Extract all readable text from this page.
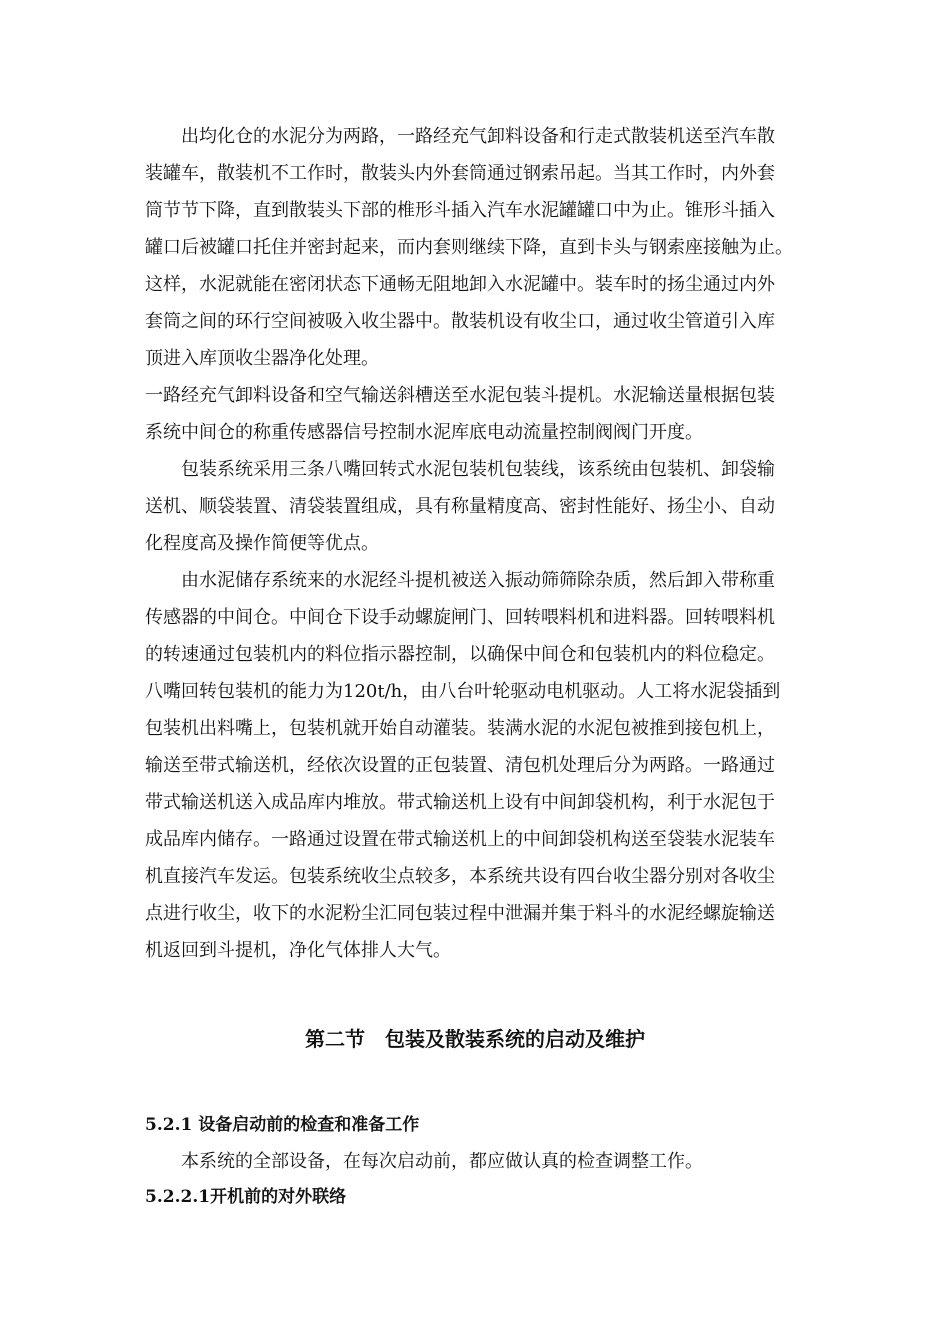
　　出均化仓的水泥分为两路，一路经充气卸料设备和行走式散装机送至汽车散
装罐车，散装机不工作时，散装头内外套筒通过钢索吊起。当其工作时，内外套
筒节节下降，直到散装头下部的椎形斗插入汽车水泥罐罐口中为止。锥形斗插入
罐口后被罐口托住并密封起来，而内套则继续下降，直到卡头与钢索座接触为止。
这样，水泥就能在密闭状态下通畅无阻地卸入水泥罐中。装车时的扬尘通过内外
套筒之间的环行空间被吸入收尘器中。散装机设有收尘口，通过收尘管道引入库
顶进入库顶收尘器净化处理。
一路经充气卸料设备和空气输送斜槽送至水泥包装斗提机。水泥输送量根据包装
系统中间仓的称重传感器信号控制水泥库底电动流量控制阀阀门开度。
　　包装系统采用三条八嘴回转式水泥包装机包装线，该系统由包装机、卸袋输
送机、顺袋装置、清袋装置组成，具有称量精度高、密封性能好、扬尘小、自动
化程度高及操作简便等优点。
　　由水泥储存系统来的水泥经斗提机被送入振动筛筛除杂质，然后卸入带称重
传感器的中间仓。中间仓下设手动螺旋闸门、回转喂料机和进料器。回转喂料机
的转速通过包装机内的料位指示器控制，以确保中间仓和包装机内的料位稳定。
八嘴回转包装机的能力为120t/h，由八台叶轮驱动电机驱动。人工将水泥袋插到
包装机出料嘴上，包装机就开始自动灌装。装满水泥的水泥包被推到接包机上，
输送至带式输送机，经依次设置的正包装置、清包机处理后分为两路。一路通过
带式输送机送入成品库内堆放。带式输送机上设有中间卸袋机构，利于水泥包于
成品库内储存。一路通过设置在带式输送机上的中间卸袋机构送至袋装水泥装车
机直接汽车发运。包装系统收尘点较多，本系统共设有四台收尘器分别对各收尘
点进行收尘，收下的水泥粉尘汇同包装过程中泄漏并集于料斗的水泥经螺旋输送
机返回到斗提机，净化气体排人大气。
第二节　包装及散装系统的启动及维护
5.2.1 设备启动前的检查和准备工作
　　本系统的全部设备，在每次启动前，都应做认真的检查调整工作。
5.2.2.1开机前的对外联络
